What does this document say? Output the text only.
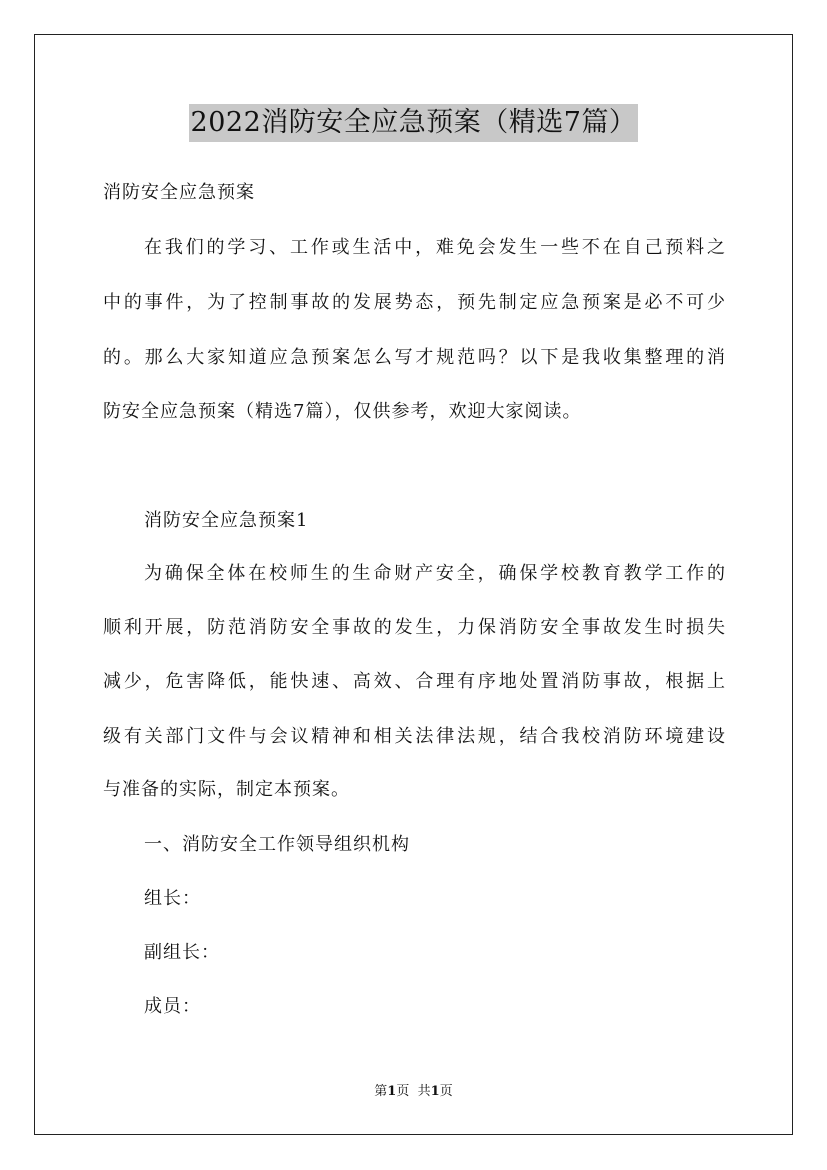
2022消防安全应急预案（精选7篇）
消防安全应急预案
在我们的学习、工作或生活中，难免会发生一些不在自己预料之
中的事件，为了控制事故的发展势态，预先制定应急预案是必不可少
的。那么大家知道应急预案怎么写才规范吗？以下是我收集整理的消
防安全应急预案（精选7篇），仅供参考，欢迎大家阅读。
消防安全应急预案1
为确保全体在校师生的生命财产安全，确保学校教育教学工作的
顺利开展，防范消防安全事故的发生，力保消防安全事故发生时损失
减少，危害降低，能快速、高效、合理有序地处置消防事故，根据上
级有关部门文件与会议精神和相关法律法规，结合我校消防环境建设
与准备的实际，制定本预案。
一、消防安全工作领导组织机构
组长：
副组长：
成员：
第1页 共1页
